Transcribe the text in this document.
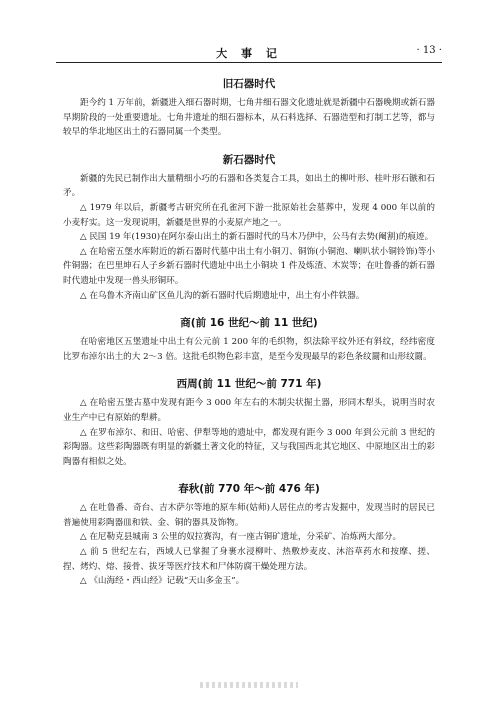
大 事 记	· 13 ·
旧石器时代

距今约 1 万年前，新疆进入细石器时期，七角井细石器文化遗址就是新疆中石器晚期或新石器早期阶段的一处重要遗址。七角井遗址的细石器标本，从石料选择、石器造型和打制工艺等，都与较早的华北地区出土的石器同属一个类型。

新石器时代

新疆的先民已制作出大量精细小巧的石器和各类复合工具，如出土的柳叶形、桂叶形石镞和石矛。

△ 1979 年以后，新疆考古研究所在孔雀河下游一批原始社会墓葬中，发现 4 000 年以前的小麦籽实。这一发现说明，新疆是世界的小麦原产地之一。

△ 民国 19 年(1930)在阿尔泰山出土的新石器时代的马木乃伊中，公马有去势(阉割)的痕迹。

△ 在哈密五堡水库附近的新石器时代墓中出土有小铜刀、铜饰(小铜泡、喇叭状小铜铃饰)等小件铜器；在巴里坤石人子乡新石器时代遗址中出土小铜块 1 件及炼渣、木炭等；在吐鲁番的新石器时代遗址中发现一兽头形铜环。

△ 在乌鲁木齐南山矿区鱼儿沟的新石器时代后期遗址中，出土有小件铁器。

商(前 16 世纪～前 11 世纪)

在哈密地区五堡遗址中出土有公元前 1 200 年的毛织物，织法除平纹外还有斜纹，经纬密度比罗布淖尔出土的大 2～3 倍。这批毛织物色彩丰富，是至今发现最早的彩色条纹罽和山形纹罽。

西周(前 11 世纪～前 771 年)

△ 在哈密五堡古墓中发现有距今 3 000 年左右的木制尖状掘土器，形同木犁头，说明当时农业生产中已有原始的犁耕。

△ 在罗布淖尔、和田、哈密、伊犁等地的遗址中，都发现有距今 3 000 年到公元前 3 世纪的彩陶器。这些彩陶器既有明显的新疆土著文化的特征，又与我国西北其它地区、中原地区出土的彩陶器有相似之处。

春秋(前 770 年～前 476 年)

△ 在吐鲁番、奇台、吉木萨尔等地的原车师(姑师)人居住点的考古发掘中，发现当时的居民已普遍使用彩陶器皿和铁、金、铜的器具及饰物。

△ 在尼勒克县城南 3 公里的奴拉赛沟，有一座古铜矿遗址，分采矿、冶炼两大部分。

△ 前 5 世纪左右，西域人已掌握了身裹水浸柳叶、热敷炒麦皮、沐浴草药水和按摩、搓、捏、烤灼、熔、接骨、拔牙等医疗技术和尸体防腐干燥处理方法。

△ 《山海经・西山经》记载“天山多金玉”。
